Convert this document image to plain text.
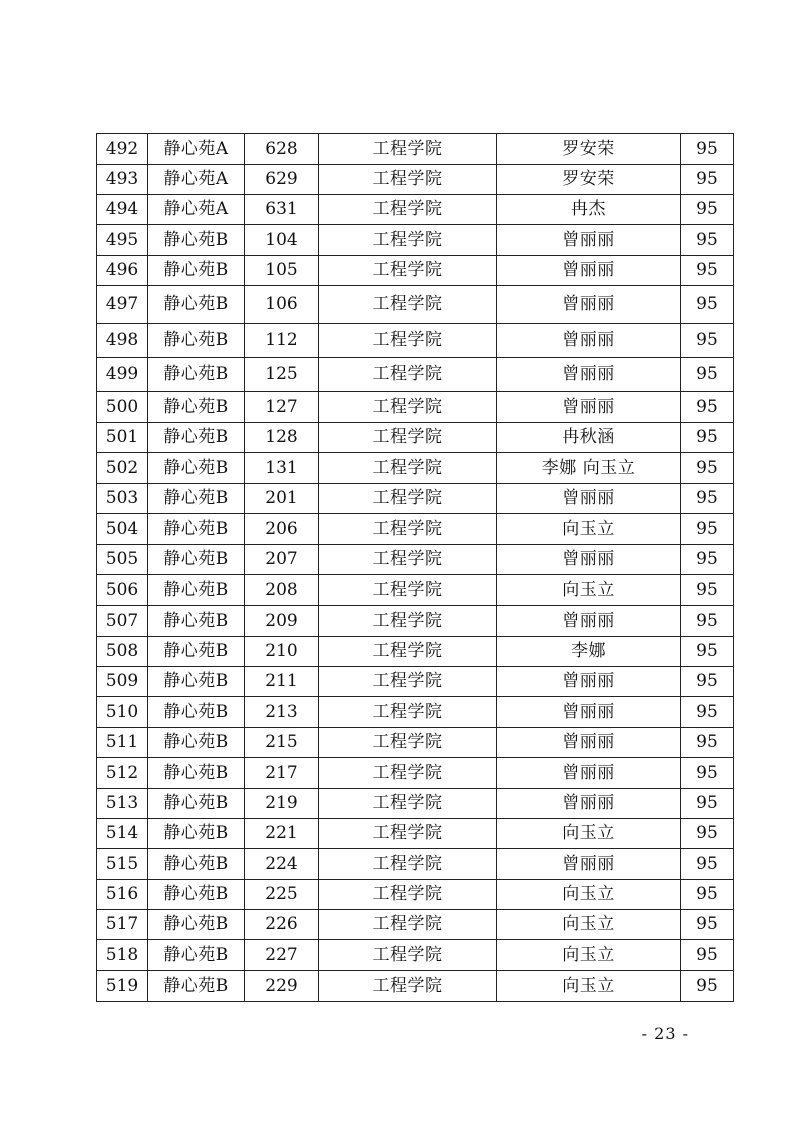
492	静心苑A	628	工程学院	罗安荣	95
493	静心苑A	629	工程学院	罗安荣	95
494	静心苑A	631	工程学院	冉杰	95
495	静心苑B	104	工程学院	曾丽丽	95
496	静心苑B	105	工程学院	曾丽丽	95
497	静心苑B	106	工程学院	曾丽丽	95
498	静心苑B	112	工程学院	曾丽丽	95
499	静心苑B	125	工程学院	曾丽丽	95
500	静心苑B	127	工程学院	曾丽丽	95
501	静心苑B	128	工程学院	冉秋涵	95
502	静心苑B	131	工程学院	李娜 向玉立	95
503	静心苑B	201	工程学院	曾丽丽	95
504	静心苑B	206	工程学院	向玉立	95
505	静心苑B	207	工程学院	曾丽丽	95
506	静心苑B	208	工程学院	向玉立	95
507	静心苑B	209	工程学院	曾丽丽	95
508	静心苑B	210	工程学院	李娜	95
509	静心苑B	211	工程学院	曾丽丽	95
510	静心苑B	213	工程学院	曾丽丽	95
511	静心苑B	215	工程学院	曾丽丽	95
512	静心苑B	217	工程学院	曾丽丽	95
513	静心苑B	219	工程学院	曾丽丽	95
514	静心苑B	221	工程学院	向玉立	95
515	静心苑B	224	工程学院	曾丽丽	95
516	静心苑B	225	工程学院	向玉立	95
517	静心苑B	226	工程学院	向玉立	95
518	静心苑B	227	工程学院	向玉立	95
519	静心苑B	229	工程学院	向玉立	95
- 23 -
